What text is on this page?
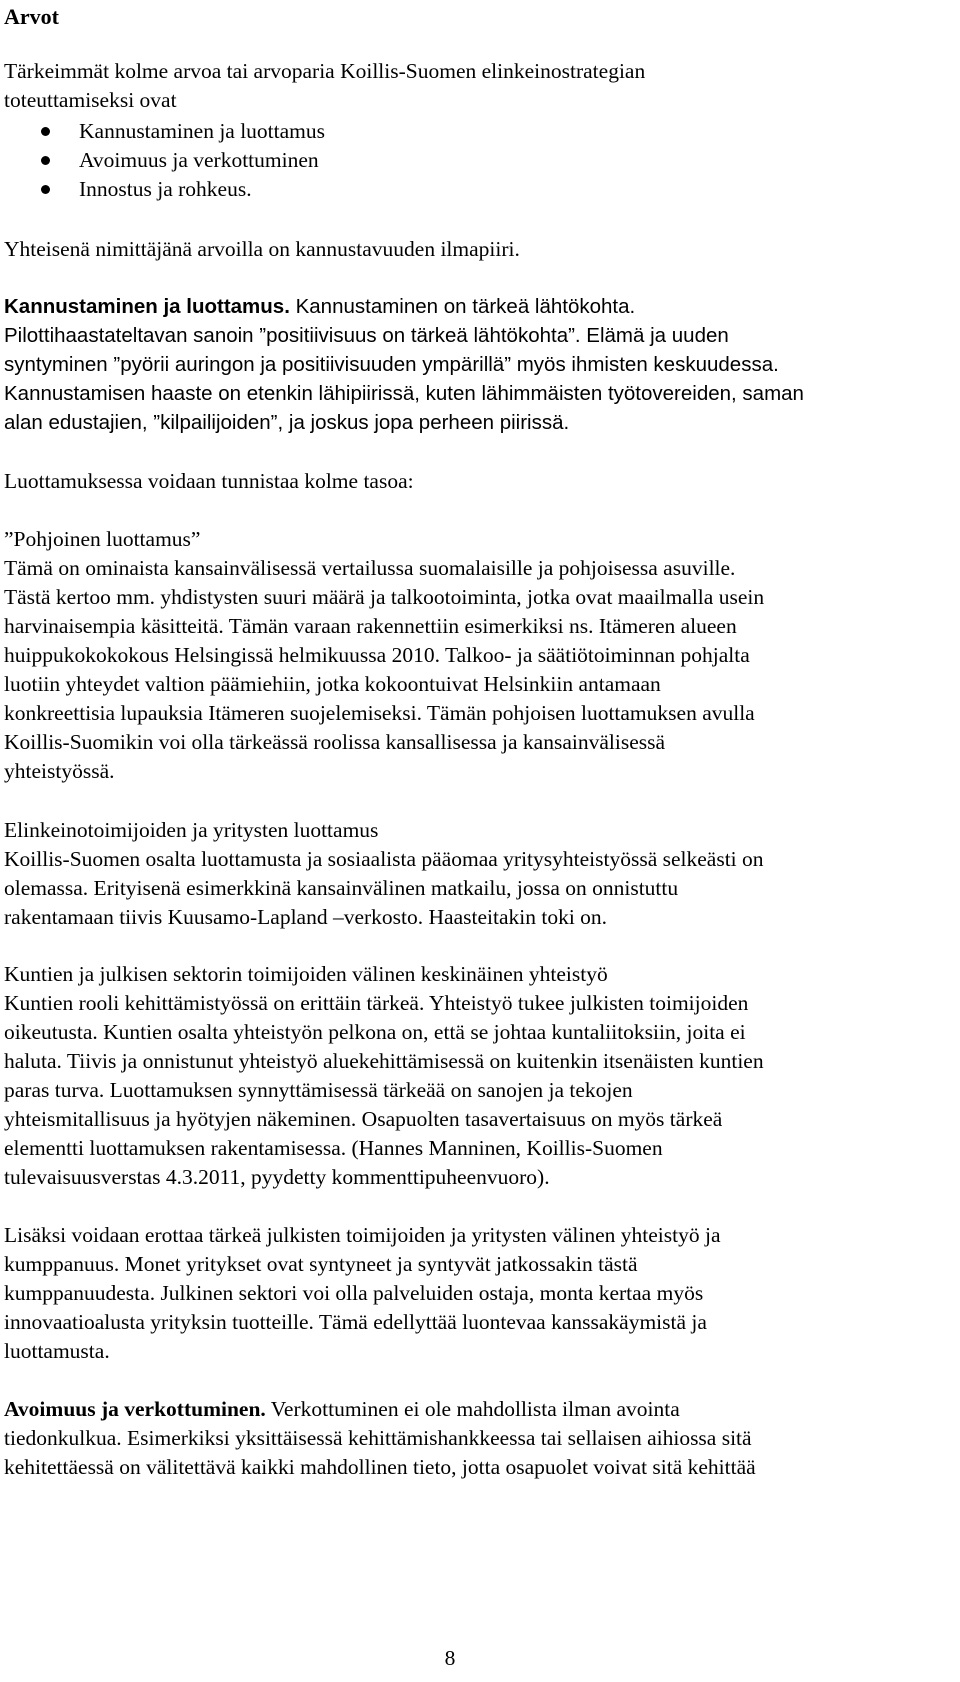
Arvot

Tärkeimmät kolme arvoa tai arvoparia Koillis-Suomen elinkeinostrategian
toteuttamiseksi ovat

Kannustaminen ja luottamus
Avoimuus ja verkottuminen
Innostus ja rohkeus.

Yhteisenä nimittäjänä arvoilla on kannustavuuden ilmapiiri.

Kannustaminen ja luottamus. Kannustaminen on tärkeä lähtökohta.
Pilottihaastateltavan sanoin ”positiivisuus on tärkeä lähtökohta”. Elämä ja uuden
syntyminen ”pyörii auringon ja positiivisuuden ympärillä” myös ihmisten keskuudessa.
Kannustamisen haaste on etenkin lähipiirissä, kuten lähimmäisten työtovereiden, saman
alan edustajien, ”kilpailijoiden”, ja joskus jopa perheen piirissä.

Luottamuksessa voidaan tunnistaa kolme tasoa:

”Pohjoinen luottamus”
Tämä on ominaista kansainvälisessä vertailussa suomalaisille ja pohjoisessa asuville.
Tästä kertoo mm. yhdistysten suuri määrä ja talkootoiminta, jotka ovat maailmalla usein
harvinaisempia käsitteitä. Tämän varaan rakennettiin esimerkiksi ns. Itämeren alueen
huippukokokokous Helsingissä helmikuussa 2010. Talkoo- ja säätiötoiminnan pohjalta
luotiin yhteydet valtion päämiehiin, jotka kokoontuivat Helsinkiin antamaan
konkreettisia lupauksia Itämeren suojelemiseksi. Tämän pohjoisen luottamuksen avulla
Koillis-Suomikin voi olla tärkeässä roolissa kansallisessa ja kansainvälisessä
yhteistyössä.

Elinkeinotoimijoiden ja yritysten luottamus
Koillis-Suomen osalta luottamusta ja sosiaalista pääomaa yritysyhteistyössä selkeästi on
olemassa. Erityisenä esimerkkinä kansainvälinen matkailu, jossa on onnistuttu
rakentamaan tiivis Kuusamo-Lapland –verkosto. Haasteitakin toki on.

Kuntien ja julkisen sektorin toimijoiden välinen keskinäinen yhteistyö
Kuntien rooli kehittämistyössä on erittäin tärkeä. Yhteistyö tukee julkisten toimijoiden
oikeutusta. Kuntien osalta yhteistyön pelkona on, että se johtaa kuntaliitoksiin, joita ei
haluta. Tiivis ja onnistunut yhteistyö aluekehittämisessä on kuitenkin itsenäisten kuntien
paras turva. Luottamuksen synnyttämisessä tärkeää on sanojen ja tekojen
yhteismitallisuus ja hyötyjen näkeminen. Osapuolten tasavertaisuus on myös tärkeä
elementti luottamuksen rakentamisessa. (Hannes Manninen, Koillis-Suomen
tulevaisuusverstas 4.3.2011, pyydetty kommenttipuheenvuoro).

Lisäksi voidaan erottaa tärkeä julkisten toimijoiden ja yritysten välinen yhteistyö ja
kumppanuus. Monet yritykset ovat syntyneet ja syntyvät jatkossakin tästä
kumppanuudesta. Julkinen sektori voi olla palveluiden ostaja, monta kertaa myös
innovaatioalusta yrityksin tuotteille. Tämä edellyttää luontevaa kanssakäymistä ja
luottamusta.

Avoimuus ja verkottuminen. Verkottuminen ei ole mahdollista ilman avointa
tiedonkulkua. Esimerkiksi yksittäisessä kehittämishankkeessa tai sellaisen aihiossa sitä
kehitettäessä on välitettävä kaikki mahdollinen tieto, jotta osapuolet voivat sitä kehittää

8
